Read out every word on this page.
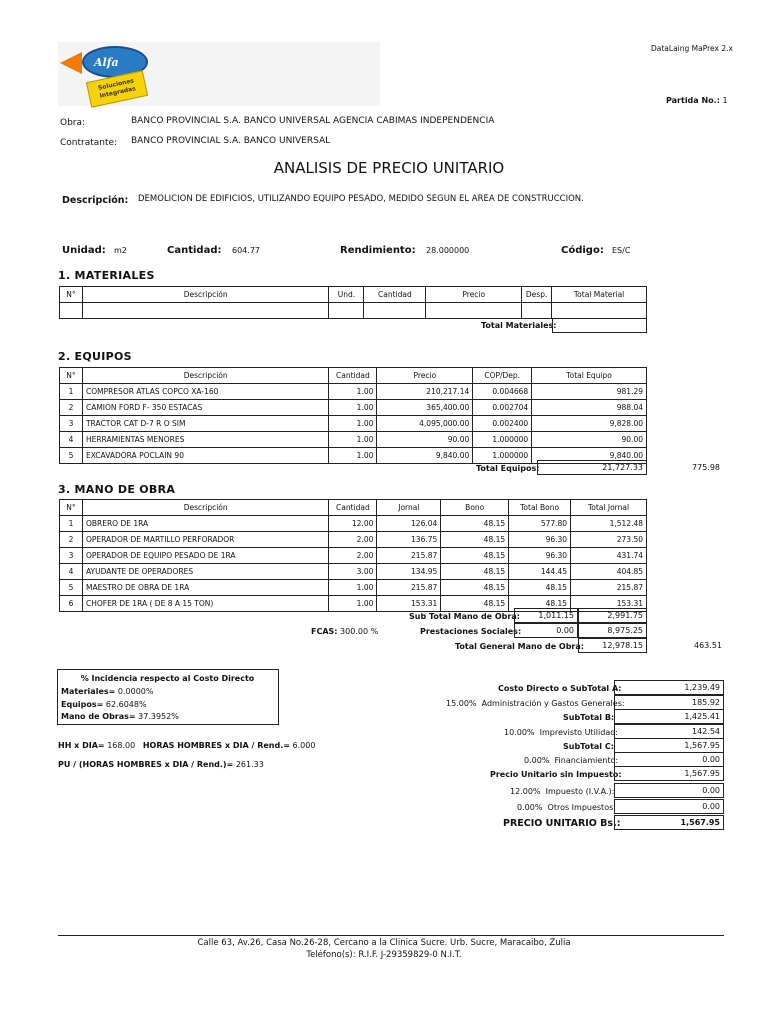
Alfa
Soluciones Integradas
DataLaing MaPrex 2.x
Partida No.: 1
Obra:	BANCO PROVINCIAL S.A. BANCO UNIVERSAL AGENCIA CABIMAS INDEPENDENCIA
Contratante: BANCO PROVINCIAL S.A. BANCO UNIVERSAL
ANALISIS DE PRECIO UNITARIO
Descripción: DEMOLICION DE EDIFICIOS, UTILIZANDO EQUIPO PESADO, MEDIDO SEGUN EL AREA DE CONSTRUCCION.
Unidad: m2	Cantidad: 604.77	Rendimiento: 28.000000	Código: ES/C
1. MATERIALES
N°	Descripción	Und.	Cantidad	Precio	Desp.	Total Material

Total Materiales:
2. EQUIPOS
N°	Descripción	Cantidad	Precio	COP/Dep.	Total Equipo
1	COMPRESOR ATLAS COPCO XA-160	1.00	210,217.14	0.004668	981.29
2	CAMION FORD F- 350 ESTACAS	1.00	365,400.00	0.002704	988.04
3	TRACTOR CAT D-7 R O SIM	1.00	4,095,000.00	0.002400	9,828.00
4	HERRAMIENTAS MENORES	1.00	90.00	1.000000	90.00
5	EXCAVADORA POCLAIN 90	1.00	9,840.00	1.000000	9,840.00
Total Equipos:	21,727.33	775.98
3. MANO DE OBRA
N°	Descripción	Cantidad	Jornal	Bono	Total Bono	Total Jornal
1	OBRERO DE 1RA	12.00	126.04	48.15	577.80	1,512.48
2	OPERADOR DE MARTILLO PERFORADOR	2.00	136.75	48.15	96.30	273.50
3	OPERADOR DE EQUIPO PESADO DE 1RA	2.00	215.87	48.15	96.30	431.74
4	AYUDANTE DE OPERADORES	3.00	134.95	48.15	144.45	404.85
5	MAESTRO DE OBRA DE 1RA	1.00	215.87	48.15	48.15	215.87
6	CHOFER DE 1RA ( DE 8 A 15 TON)	1.00	153.31	48.15	48.15	153.31
Sub Total Mano de Obra:	1,011.15	2,991.75
FCAS: 300.00 %	Prestaciones Sociales:	0.00	8,975.25
Total General Mano de Obra:	12,978.15	463.51
% Incidencia respecto al Costo Directo
Materiales= 0.0000%
Equipos= 62.6048%
Mano de Obras= 37.3952%
HH x DIA= 168.00 HORAS HOMBRES x DIA / Rend.= 6.000
PU / (HORAS HOMBRES x DIA / Rend.)= 261.33
Costo Directo o SubTotal A:	1,239.49
15.00% Administración y Gastos Generales:	185.92
SubTotal B:	1,425.41
10.00% Imprevisto Utilidad:	142.54
SubTotal C:	1,567.95
0.00% Financiamiento:	0.00
Precio Unitario sin Impuesto:	1,567.95
12.00% Impuesto (I.V.A.):	0.00
0.00% Otros Impuestos:	0.00
PRECIO UNITARIO Bs.:	1,567.95
Calle 63, Av.26, Casa No.26-28, Cercano a la Clinica Sucre. Urb. Sucre, Maracaibo, Zulia
Teléfono(s): R.I.F. J-29359829-0 N.I.T.
